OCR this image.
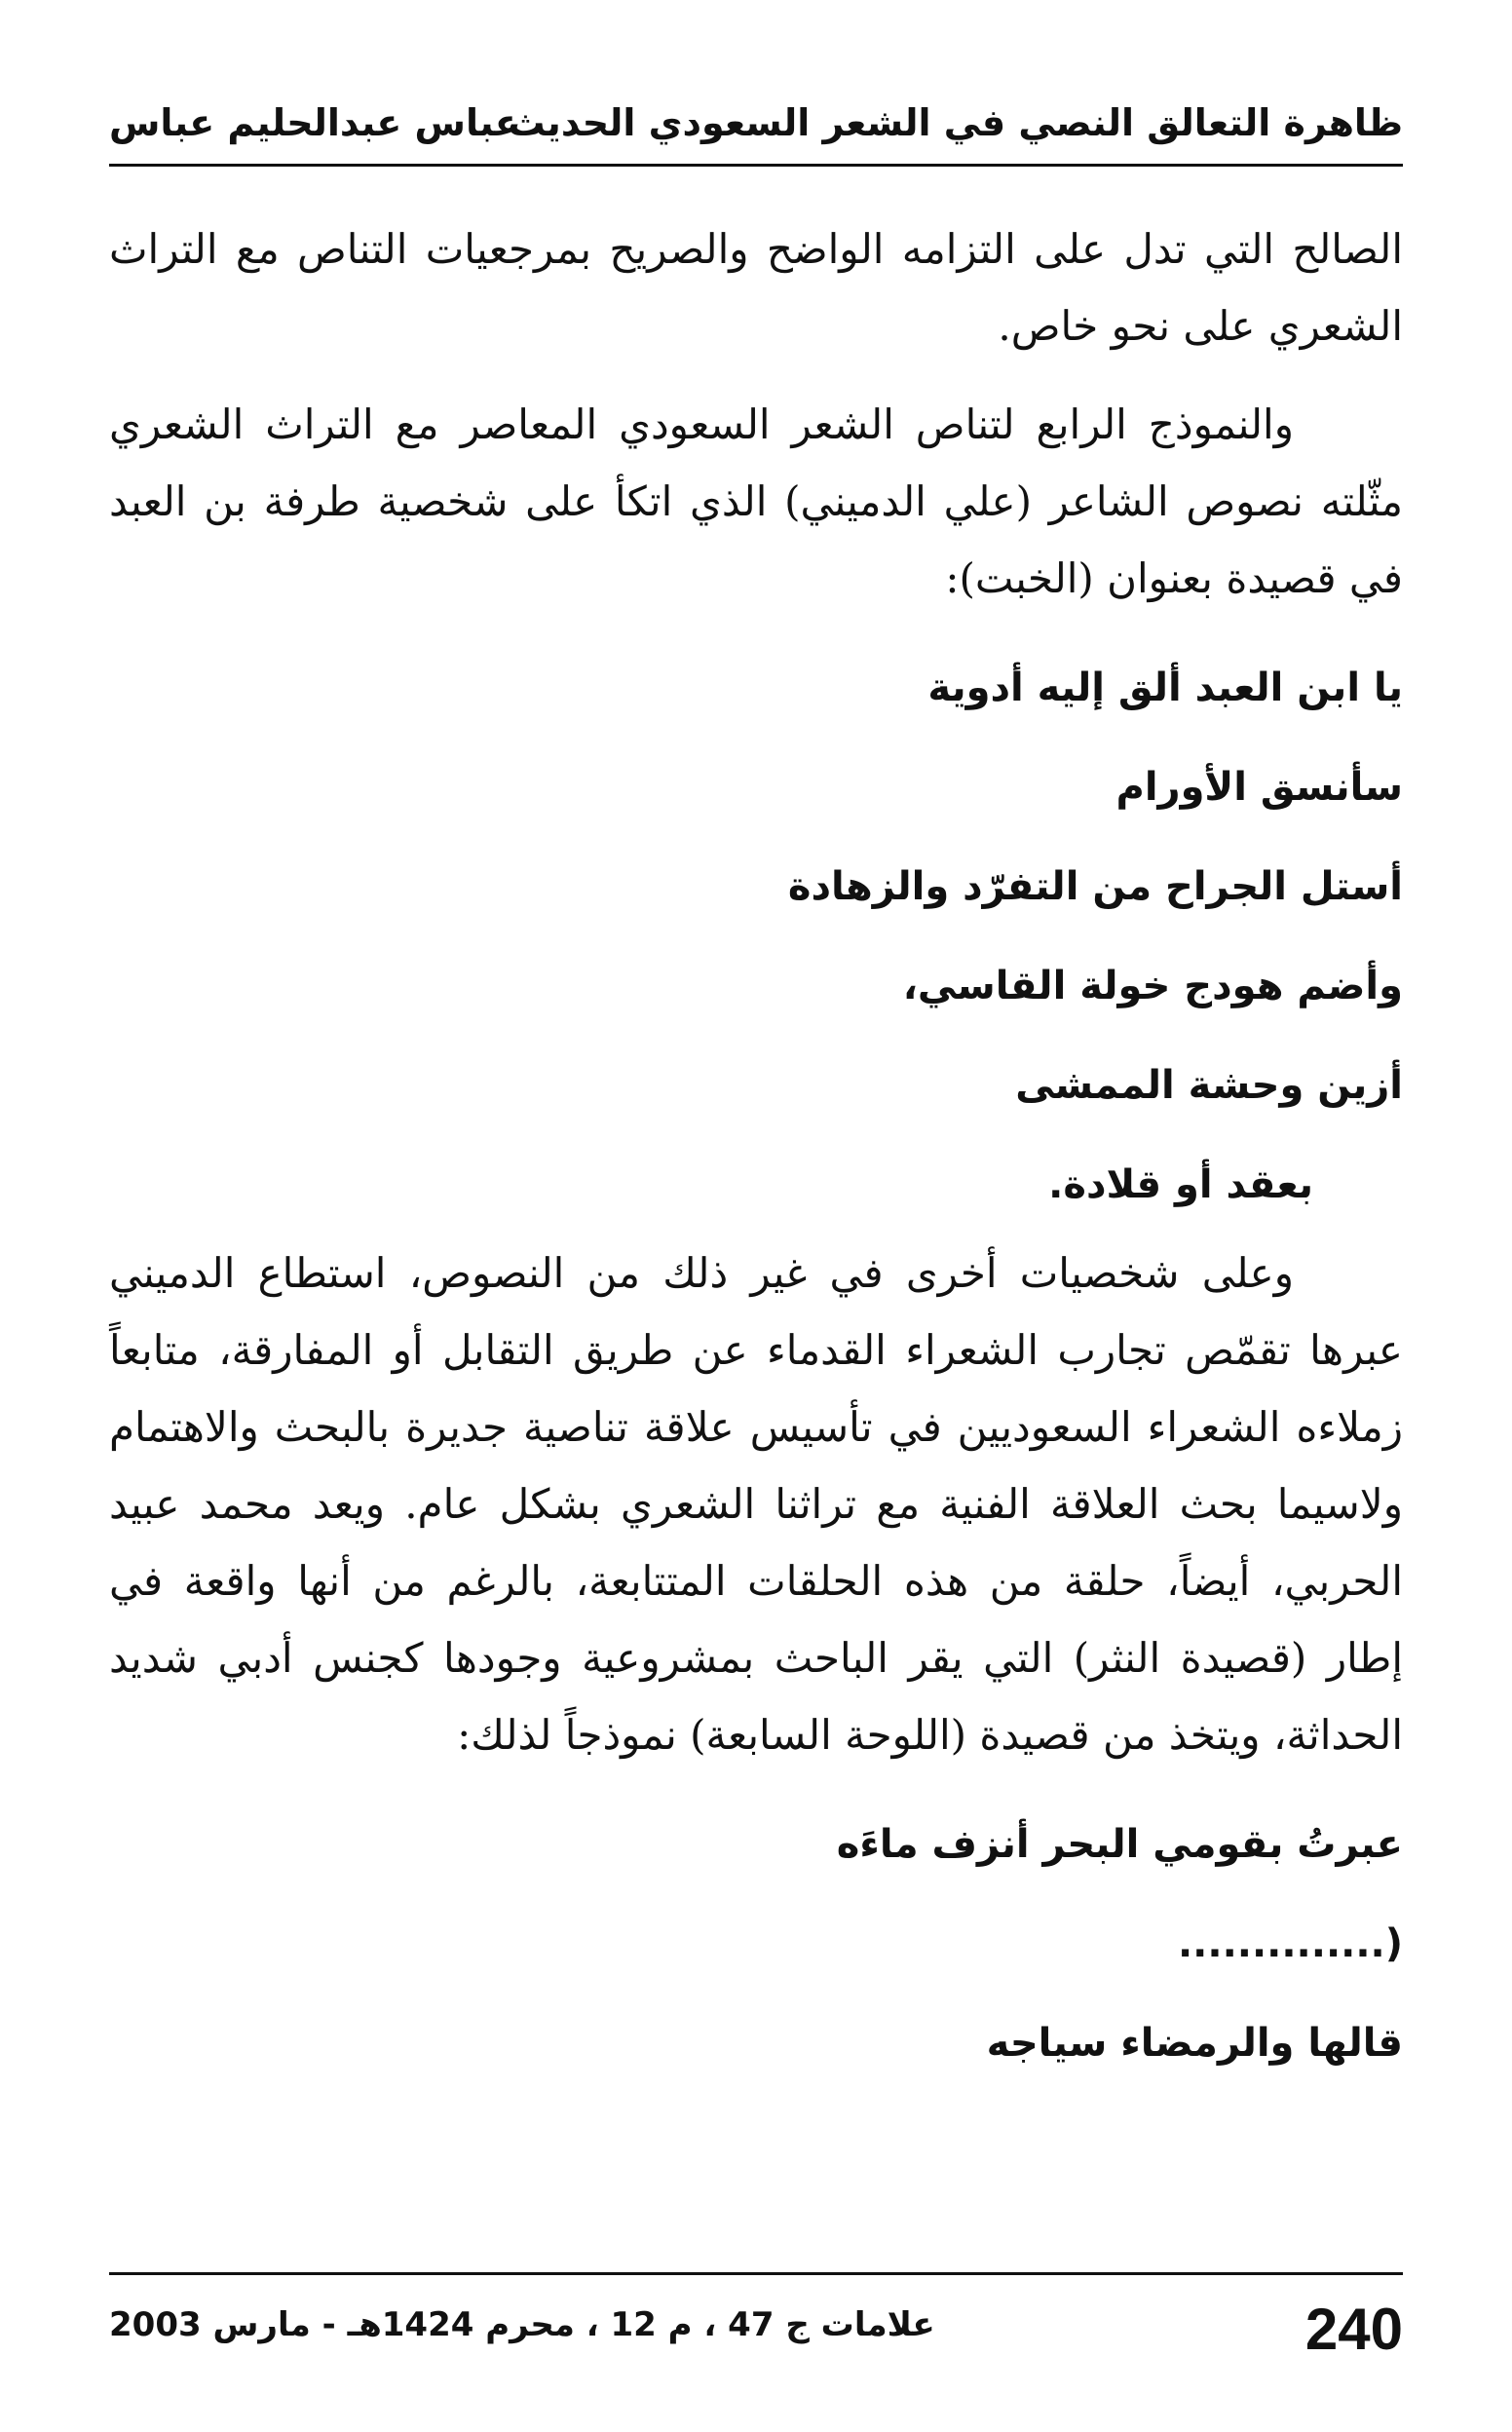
ظاهرة التعالق النصي في الشعر السعودي الحديث
عباس عبدالحليم عباس

الصالح التي تدل على التزامه الواضح والصريح بمرجعيات التناص مع التراث الشعري على نحو خاص.

والنموذج الرابع لتناص الشعر السعودي المعاصر مع التراث الشعري مثّلته نصوص الشاعر (علي الدميني) الذي اتكأ على شخصية طرفة بن العبد في قصيدة بعنوان (الخبت):

يا ابن العبد ألق إليه أدوية

سأنسق الأورام

أستل الجراح من التفرّد والزهادة

وأضم هودج خولة القاسي،

أزين وحشة الممشى

بعقد أو قلادة.

وعلى شخصيات أخرى في غير ذلك من النصوص، استطاع الدميني عبرها تقمّص تجارب الشعراء القدماء عن طريق التقابل أو المفارقة، متابعاً زملاءه الشعراء السعوديين في تأسيس علاقة تناصية جديرة بالبحث والاهتمام ولاسيما بحث العلاقة الفنية مع تراثنا الشعري بشكل عام. ويعد محمد عبيد الحربي، أيضاً، حلقة من هذه الحلقات المتتابعة، بالرغم من أنها واقعة في إطار (قصيدة النثر) التي يقر الباحث بمشروعية وجودها كجنس أدبي شديد الحداثة، ويتخذ من قصيدة (اللوحة السابعة) نموذجاً لذلك:

عبرتُ بقومي البحر أنزف ماءَه

..............)

قالها والرمضاء سياجه

علامات ج 47 ، م 12 ، محرم 1424هـ - مارس 2003	240
